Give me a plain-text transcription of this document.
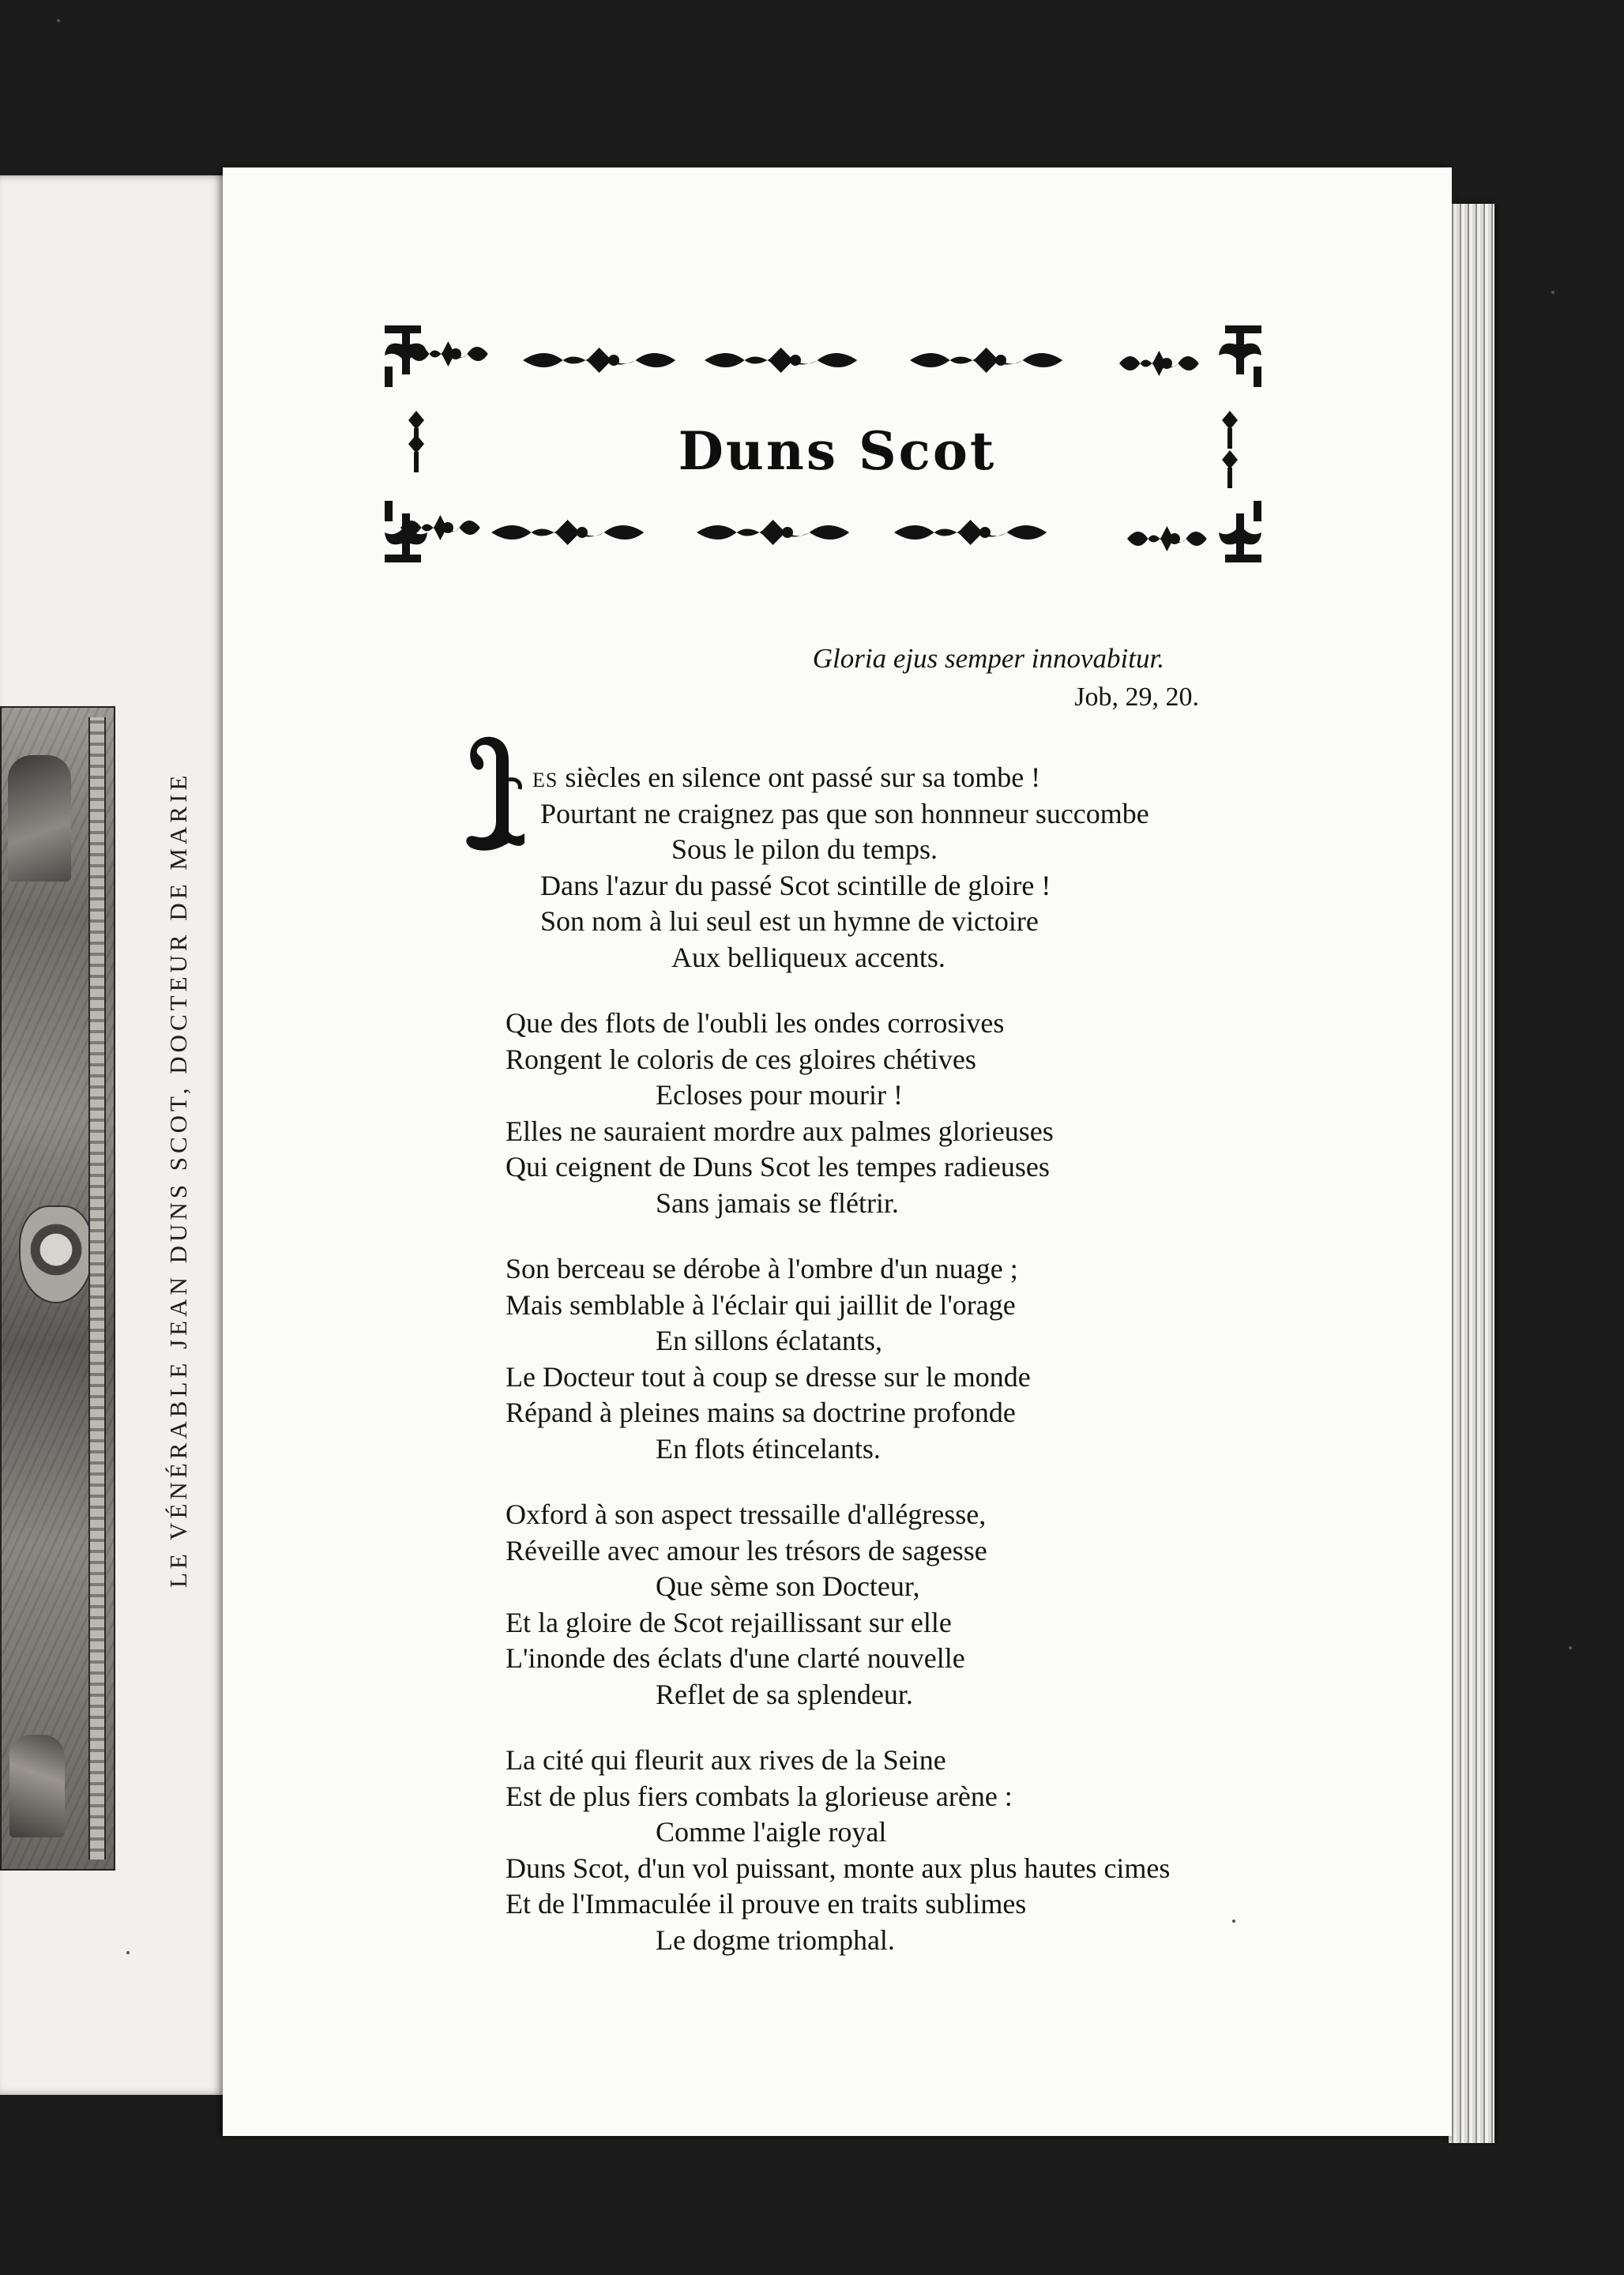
LE VÉNÉRABLE JEAN DUNS SCOT, DOCTEUR DE MARIE
Duns Scot
Gloria ejus semper innovabitur.
Job, 29, 20.
L
ES siècles en silence ont passé sur sa tombe !
Pourtant ne craignez pas que son honnneur succombe
Sous le pilon du temps.
Dans l'azur du passé Scot scintille de gloire !
Son nom à lui seul est un hymne de victoire
Aux belliqueux accents.
Que des flots de l'oubli les ondes corrosives
Rongent le coloris de ces gloires chétives
Ecloses pour mourir !
Elles ne sauraient mordre aux palmes glorieuses
Qui ceignent de Duns Scot les tempes radieuses
Sans jamais se flétrir.
Son berceau se dérobe à l'ombre d'un nuage ;
Mais semblable à l'éclair qui jaillit de l'orage
En sillons éclatants,
Le Docteur tout à coup se dresse sur le monde
Répand à pleines mains sa doctrine profonde
En flots étincelants.
Oxford à son aspect tressaille d'allégresse,
Réveille avec amour les trésors de sagesse
Que sème son Docteur,
Et la gloire de Scot rejaillissant sur elle
L'inonde des éclats d'une clarté nouvelle
Reflet de sa splendeur.
La cité qui fleurit aux rives de la Seine
Est de plus fiers combats la glorieuse arène :
Comme l'aigle royal
Duns Scot, d'un vol puissant, monte aux plus hautes cimes
Et de l'Immaculée il prouve en traits sublimes
Le dogme triomphal.
